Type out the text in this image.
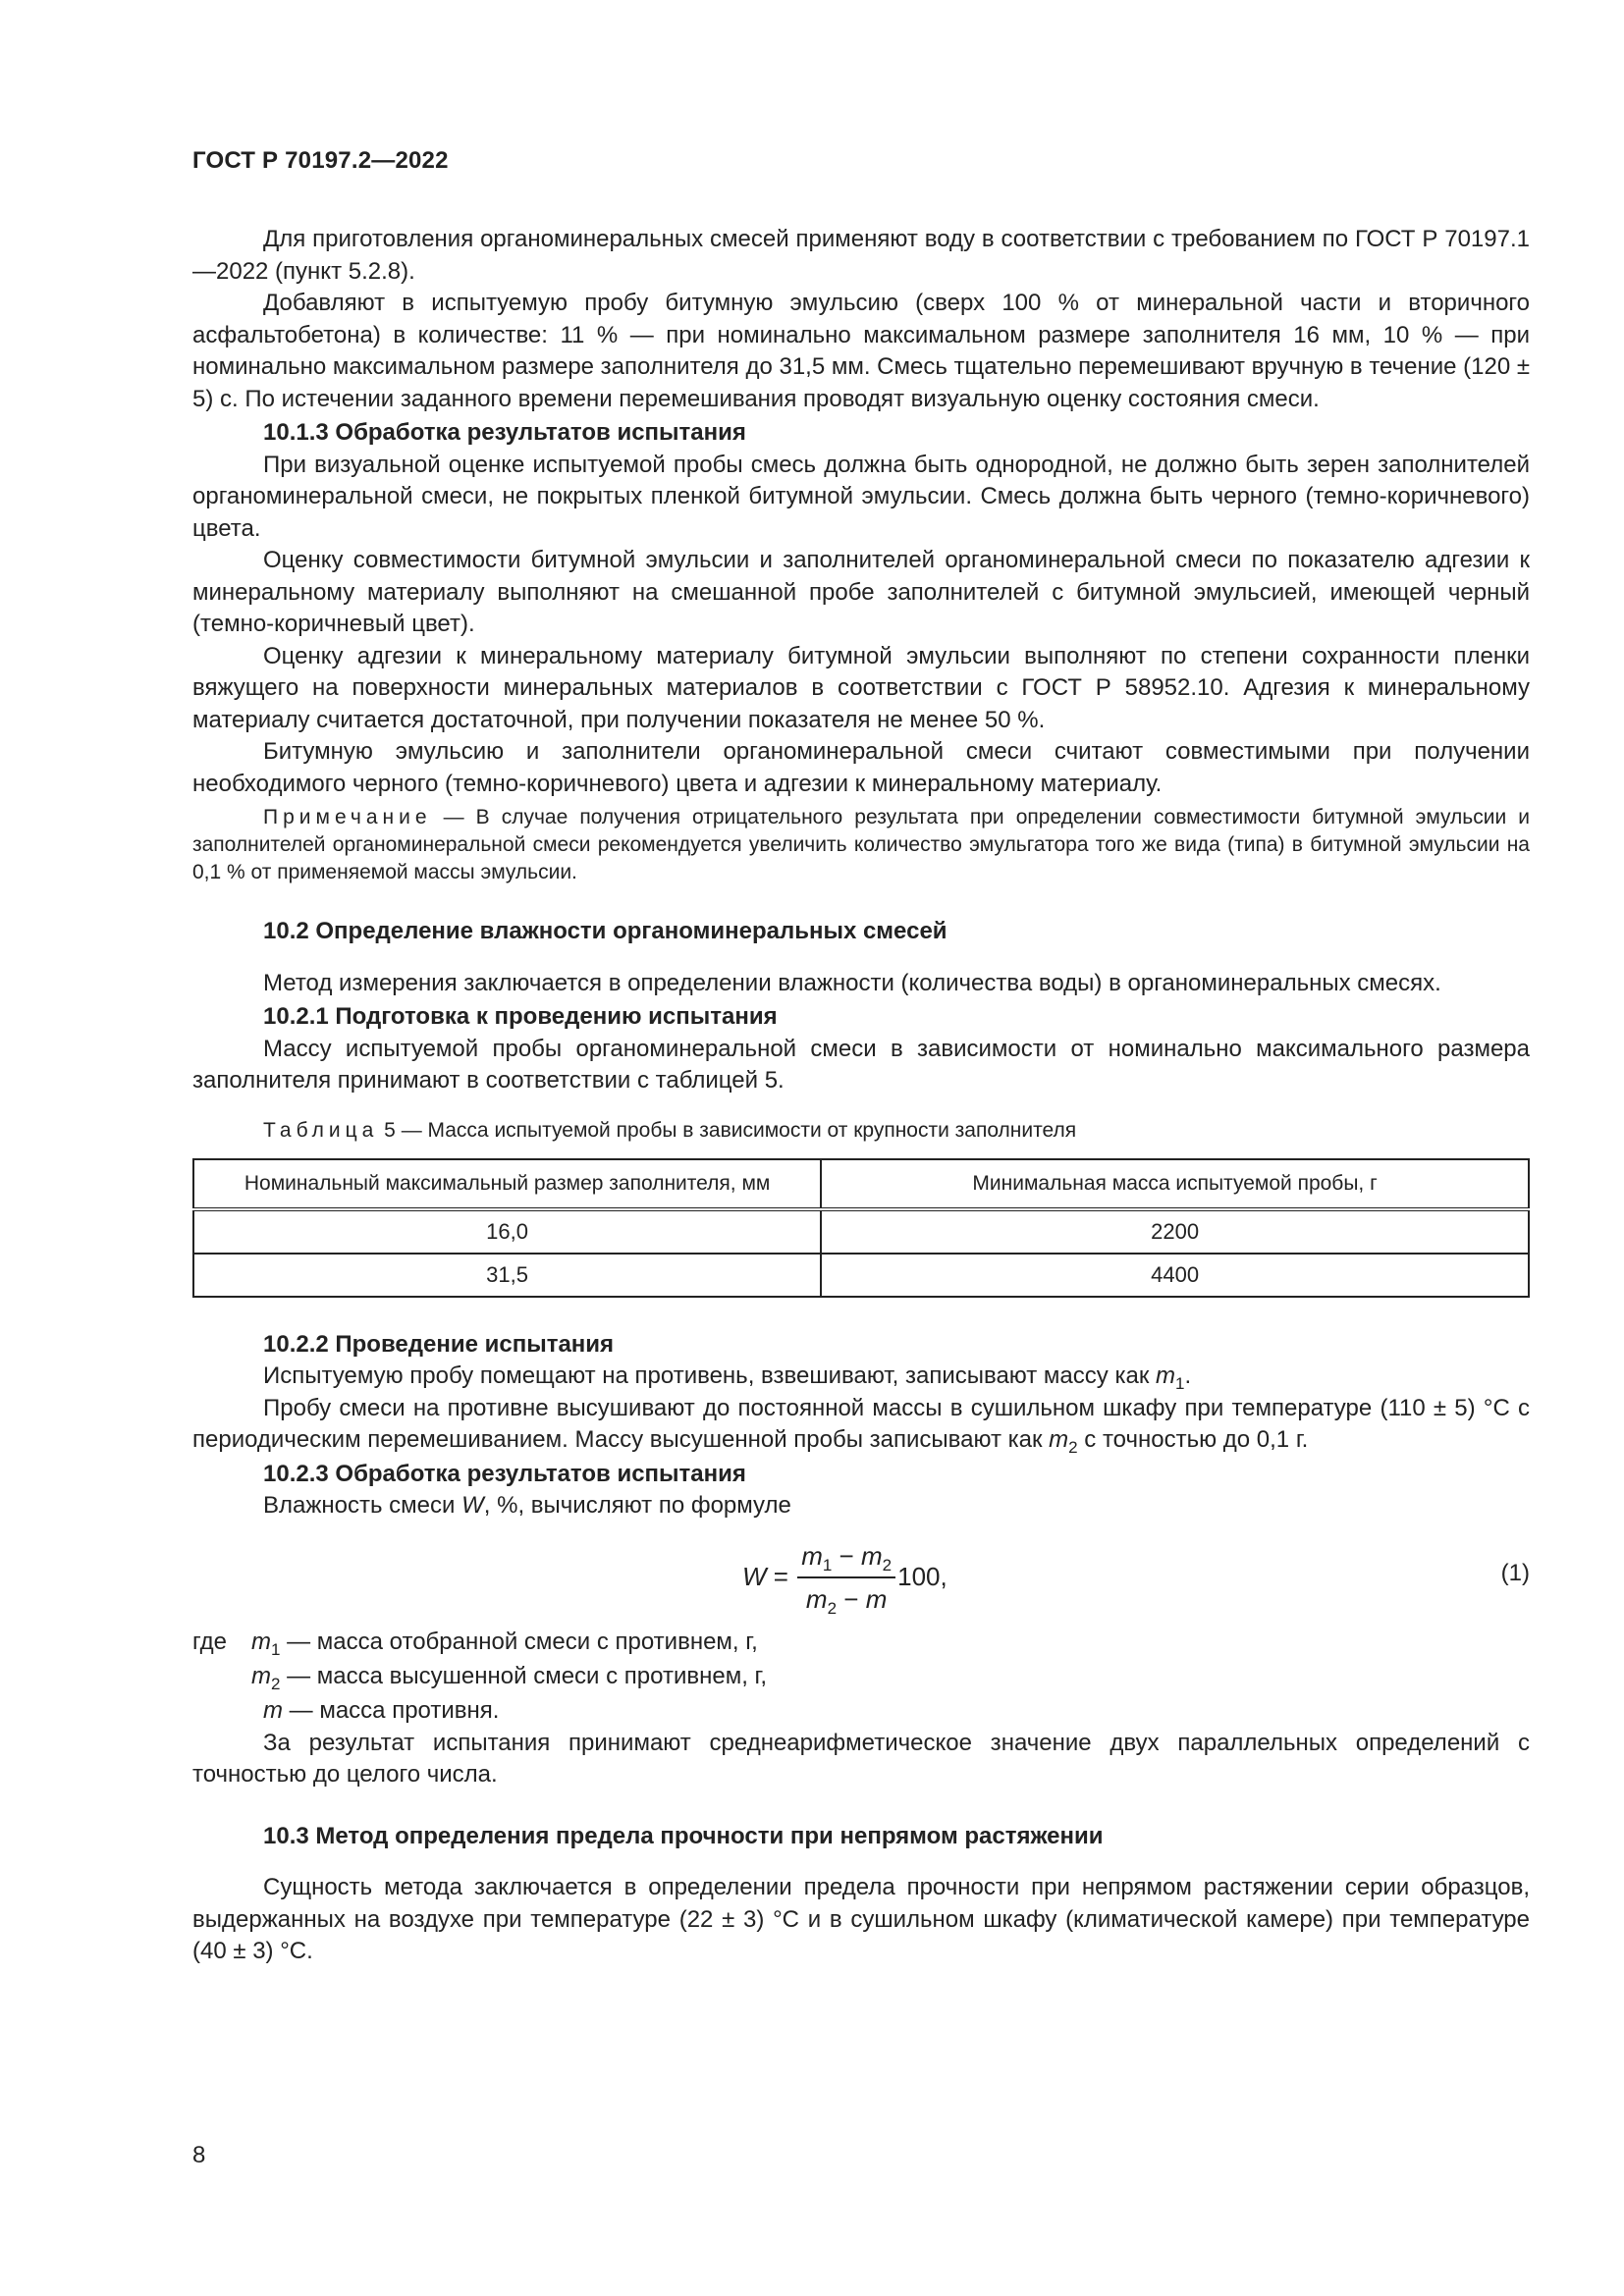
ГОСТ Р 70197.2—2022

Для приготовления органоминеральных смесей применяют воду в соответствии с требованием по ГОСТ Р 70197.1—2022 (пункт 5.2.8).

Добавляют в испытуемую пробу битумную эмульсию (сверх 100 % от минеральной части и вторичного асфальтобетона) в количестве: 11 % — при номинально максимальном размере заполнителя 16 мм, 10 % — при номинально максимальном размере заполнителя до 31,5 мм. Смесь тщательно перемешивают вручную в течение (120 ± 5) с. По истечении заданного времени перемешивания проводят визуальную оценку состояния смеси.

10.1.3 Обработка результатов испытания

При визуальной оценке испытуемой пробы смесь должна быть однородной, не должно быть зерен заполнителей органоминеральной смеси, не покрытых пленкой битумной эмульсии. Смесь должна быть черного (темно-коричневого) цвета.

Оценку совместимости битумной эмульсии и заполнителей органоминеральной смеси по показателю адгезии к минеральному материалу выполняют на смешанной пробе заполнителей с битумной эмульсией, имеющей черный (темно-коричневый цвет).

Оценку адгезии к минеральному материалу битумной эмульсии выполняют по степени сохранности пленки вяжущего на поверхности минеральных материалов в соответствии с ГОСТ Р 58952.10. Адгезия к минеральному материалу считается достаточной, при получении показателя не менее 50 %.

Битумную эмульсию и заполнители органоминеральной смеси считают совместимыми при получении необходимого черного (темно-коричневого) цвета и адгезии к минеральному материалу.

Примечание — В случае получения отрицательного результата при определении совместимости битумной эмульсии и заполнителей органоминеральной смеси рекомендуется увеличить количество эмульгатора того же вида (типа) в битумной эмульсии на 0,1 % от применяемой массы эмульсии.

10.2 Определение влажности органоминеральных смесей

Метод измерения заключается в определении влажности (количества воды) в органоминеральных смесях.

10.2.1 Подготовка к проведению испытания

Массу испытуемой пробы органоминеральной смеси в зависимости от номинально максимального размера заполнителя принимают в соответствии с таблицей 5.

Таблица 5 — Масса испытуемой пробы в зависимости от крупности заполнителя

Номинальный максимальный размер заполнителя, мм	Минимальная масса испытуемой пробы, г
16,0	2200
31,5	4400
10.2.2 Проведение испытания

Испытуемую пробу помещают на противень, взвешивают, записывают массу как $m_1$.

Пробу смеси на противне высушивают до постоянной массы в сушильном шкафу при температуре (110 ± 5) °С с периодическим перемешиванием. Массу высушенной пробы записывают как $m_2$ с точностью до 0,1 г.

10.2.3 Обработка результатов испытания

Влажность смеси W, %, вычисляют по формуле

$W = \frac{m_1 - m_2}{m_2 - m} 100$,	(1)
где $m_1$ — масса отобранной смеси с противнем, г,
$m_2$ — масса высушенной смеси с противнем, г,
m — масса противня.

За результат испытания принимают среднеарифметическое значение двух параллельных определений с точностью до целого числа.

10.3 Метод определения предела прочности при непрямом растяжении

Сущность метода заключается в определении предела прочности при непрямом растяжении серии образцов, выдержанных на воздухе при температуре (22 ± 3) °С и в сушильном шкафу (климатической камере) при температуре (40 ± 3) °С.

8
